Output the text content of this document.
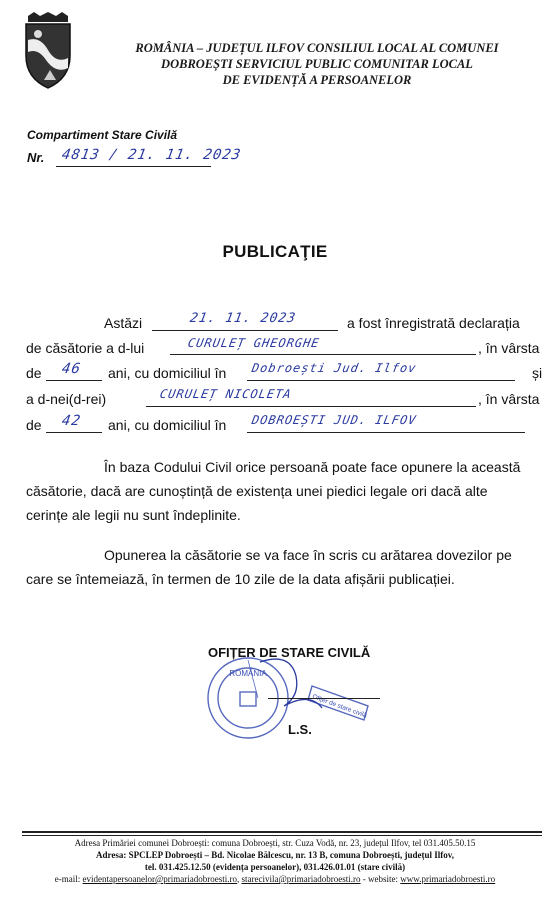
ROMÂNIA – JUDEȚUL ILFOV CONSILIUL LOCAL AL COMUNEI
DOBROEȘTI SERVICIUL PUBLIC COMUNITAR LOCAL
DE EVIDENȚĂ A PERSOANELOR
Compartiment Stare Civilă
Nr. 4813 / 21. 11. 2023
PUBLICAŢIE
Astăzi	21. 11. 2023	a fost înregistrată declarația
de căsătorie a d-lui	CURULEȚ GHEORGHE	, în vârsta
de 46 ani, cu domiciliul în Dobroești Jud. Ilfov	și
a d-nei(d-rei)	CURULEȚ NICOLETA	, în vârsta
de 42 ani, cu domiciliul în DOBROEȘTI JUD. ILFOV
În baza Codului Civil orice persoană poate face opunere la această
căsătorie, dacă are cunoștință de existența unei piedici legale ori dacă alte
cerințe ale legii nu sunt îndeplinite.
Opunerea la căsătorie se va face în scris cu arătarea dovezilor pe
care se întemeiază, în termen de 10 zile de la data afișării publicației.
OFIȚER DE STARE CIVILĂ
ROMÂNIA
Ofițer de stare civilă
L.S.
Adresa Primăriei comunei Dobroești: comuna Dobroești, str. Cuza Vodă, nr. 23, județul Ilfov, tel 031.405.50.15
Adresa: SPCLEP Dobroești – Bd. Nicolae Bălcescu, nr. 13 B, comuna Dobroești, județul Ilfov,
tel. 031.425.12.50 (evidența persoanelor), 031.426.01.01 (stare civilă)
e-mail: evidentapersoanelor@primariadobroesti.ro, starecivila@primariadobroesti.ro - website: www.primariadobroesti.ro
